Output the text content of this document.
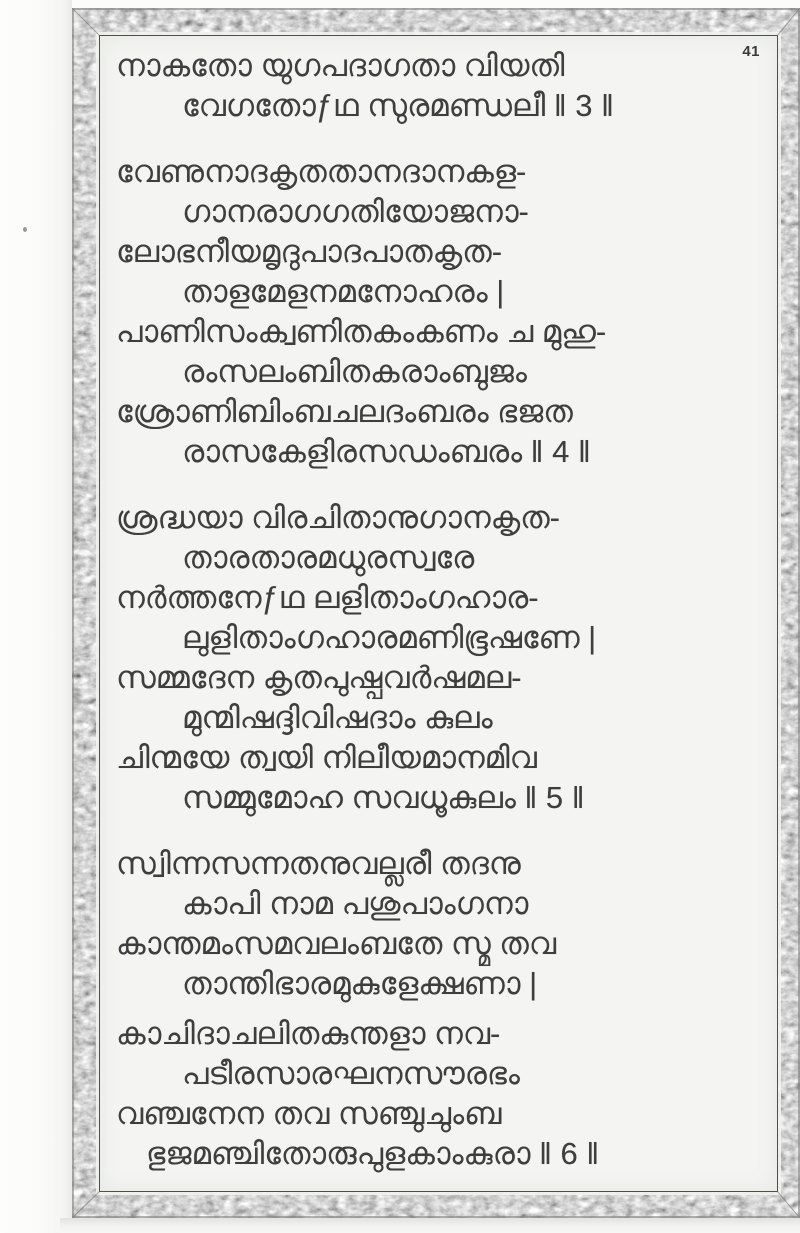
41
നാകതോ യുഗപദാഗതാ വിയതി
വേഗതോƒഥ സുരമണ്ഡലീ ‖ 3 ‖
വേണുനാദകൃതതാനദാനകള-
ഗാനരാഗഗതിയോജനാ-
ലോഭനീയമൃദുപാദപാതകൃത-
താളമേളനമനോഹരം |
പാണിസംക്വണിതകംകണം ച മുഹു-
രംസലംബിതകരാംബുജം
ശ്രോണിബിംബചലദംബരം ഭജത
രാസകേളിരസഡംബരം ‖ 4 ‖
ശ്രദ്ധയാ വിരചിതാനുഗാനകൃത-
താരതാരമധുരസ്വരേ
നർത്തനേƒഥ ലളിതാംഗഹാര-
ലുളിതാംഗഹാരമണിഭൂഷണേ |
സമ്മദേന കൃതപുഷ്പവർഷമല-
മുന്മിഷദ്ദിവിഷദാം കുലം
ചിന്മയേ ത്വയി നിലീയമാനമിവ
സമ്മുമോഹ സവധൂകുലം ‖ 5 ‖
സ്വിന്നസന്നതനുവല്ലരീ തദനു
കാപി നാമ പശുപാംഗനാ
കാന്തമംസമവലംബതേ സ്മ തവ
താന്തിഭാരമുകുളേക്ഷണാ |
കാചിദാചലിതകുന്തളാ നവ-
പടീരസാരഘനസൗരഭം
വഞ്ചനേന തവ സഞ്ചുചുംബ
ഭുജമഞ്ചിതോരുപുളകാംകുരാ ‖ 6 ‖
